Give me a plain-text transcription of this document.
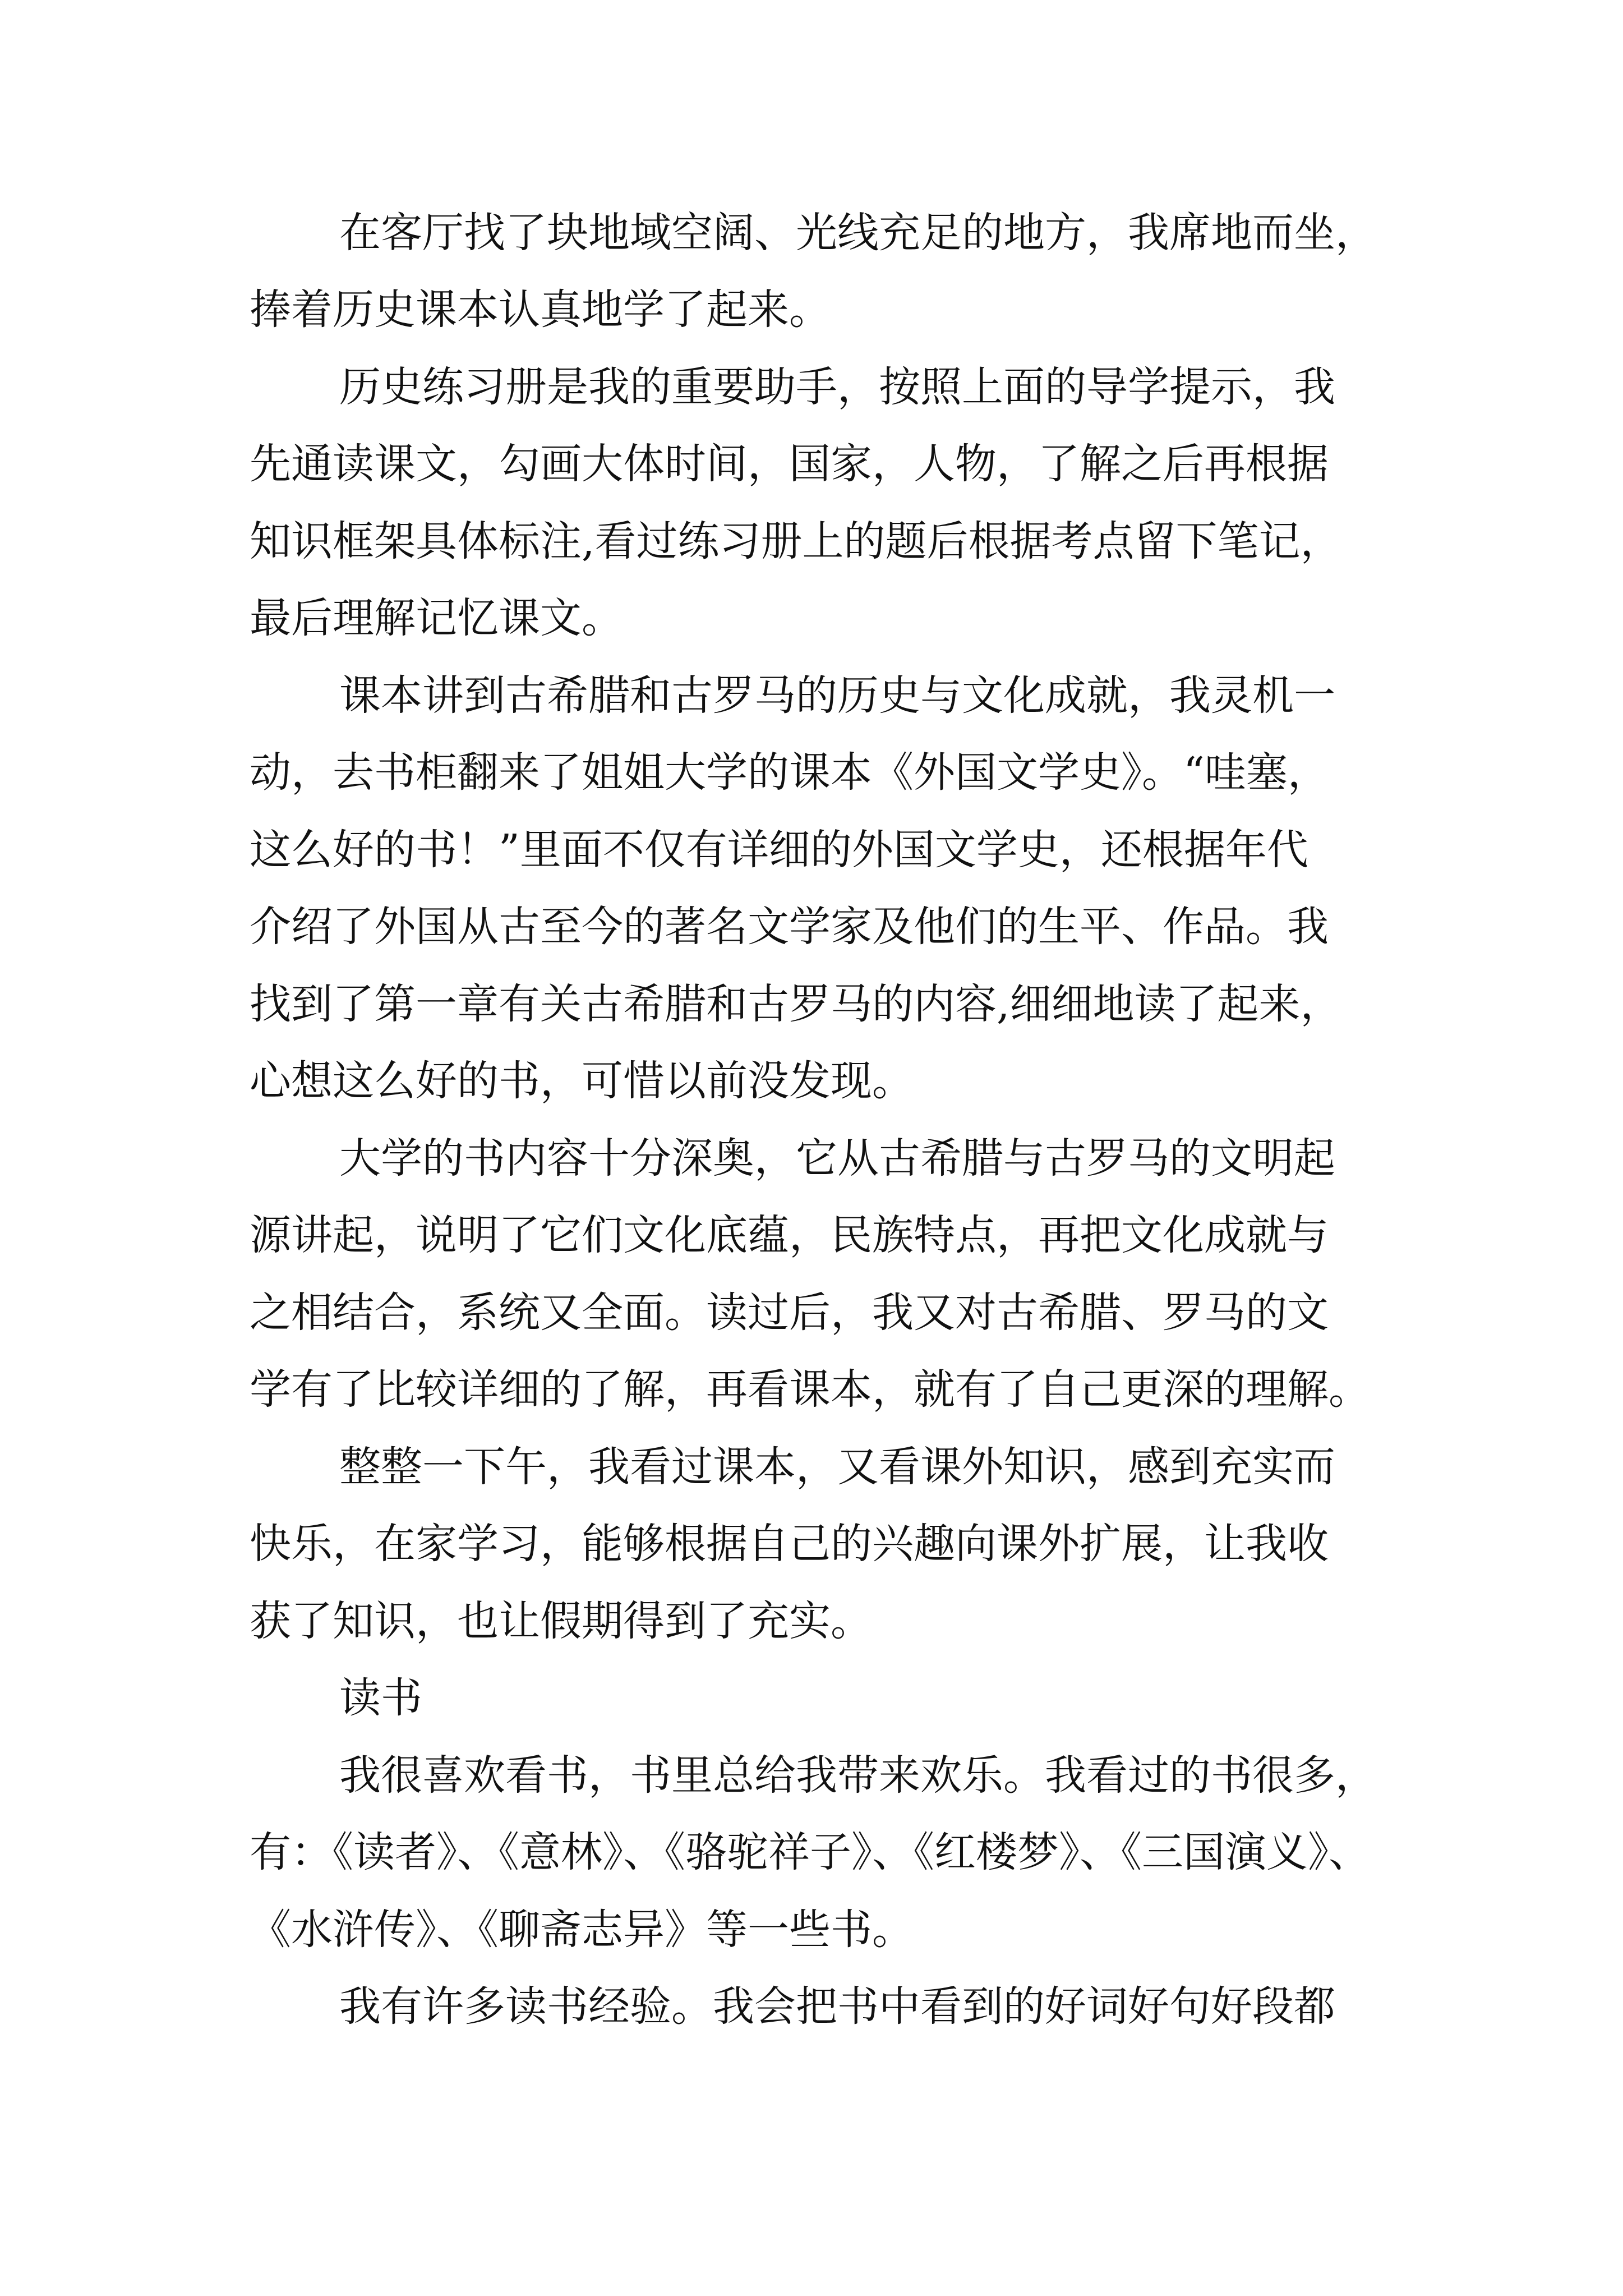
在客厅找了块地域空阔、光线充足的地方，我席地而坐，
捧着历史课本认真地学了起来。
历史练习册是我的重要助手，按照上面的导学提示，我
先通读课文，勾画大体时间，国家，人物，了解之后再根据
知识框架具体标注,看过练习册上的题后根据考点留下笔记，
最后理解记忆课文。
课本讲到古希腊和古罗马的历史与文化成就，我灵机一
动，去书柜翻来了姐姐大学的课本《外国文学史》。“哇塞，
这么好的书！”里面不仅有详细的外国文学史，还根据年代
介绍了外国从古至今的著名文学家及他们的生平、作品。我
找到了第一章有关古希腊和古罗马的内容,细细地读了起来，
心想这么好的书，可惜以前没发现。
大学的书内容十分深奥，它从古希腊与古罗马的文明起
源讲起，说明了它们文化底蕴，民族特点，再把文化成就与
之相结合，系统又全面。读过后，我又对古希腊、罗马的文
学有了比较详细的了解，再看课本，就有了自己更深的理解。
整整一下午，我看过课本，又看课外知识，感到充实而
快乐，在家学习，能够根据自己的兴趣向课外扩展，让我收
获了知识，也让假期得到了充实。
读书
我很喜欢看书，书里总给我带来欢乐。我看过的书很多，
有：《读者》、《意林》、《骆驼祥子》、《红楼梦》、《三国演义》、
《水浒传》、《聊斋志异》等一些书。
我有许多读书经验。我会把书中看到的好词好句好段都
